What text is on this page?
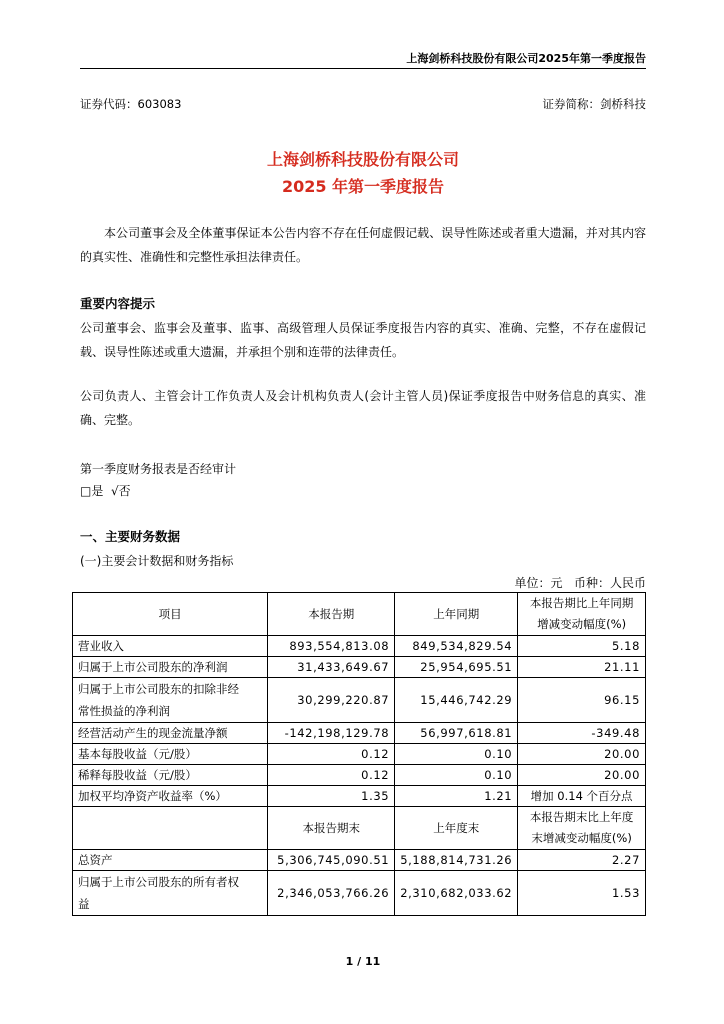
上海剑桥科技股份有限公司2025年第一季度报告
证券代码：603083	证券简称：剑桥科技
上海剑桥科技股份有限公司
2025 年第一季度报告
本公司董事会及全体董事保证本公告内容不存在任何虚假记载、误导性陈述或者重大遗漏，并对其内容的真实性、准确性和完整性承担法律责任。
重要内容提示
公司董事会、监事会及董事、监事、高级管理人员保证季度报告内容的真实、准确、完整，不存在虚假记载、误导性陈述或重大遗漏，并承担个别和连带的法律责任。
公司负责人、主管会计工作负责人及会计机构负责人(会计主管人员)保证季度报告中财务信息的真实、准确、完整。
第一季度财务报表是否经审计
□是  √否
一、主要财务数据
(一)主要会计数据和财务指标
单位：元   币种：人民币
项目	本报告期	上年同期	本报告期比上年同期
增减变动幅度(%)

营业收入	893,554,813.08	849,534,829.54	5.18
归属于上市公司股东的净利润	31,433,649.67	25,954,695.51	21.11

归属于上市公司股东的扣除非经
常性损益的净利润	30,299,220.87	15,446,742.29	96.15
经营活动产生的现金流量净额	-142,198,129.78	56,997,618.81	-349.48
基本每股收益（元/股）	0.12	0.10	20.00
稀释每股收益（元/股）	0.12	0.10	20.00
加权平均净资产收益率（%）	1.35	1.21	增加 0.14 个百分点
	本报告期末	上年度末	本报告期末比上年度
末增减变动幅度(%)

总资产	5,306,745,090.51	5,188,814,731.26	2.27

归属于上市公司股东的所有者权
益	2,346,053,766.26	2,310,682,033.62	1.53
1 / 11
